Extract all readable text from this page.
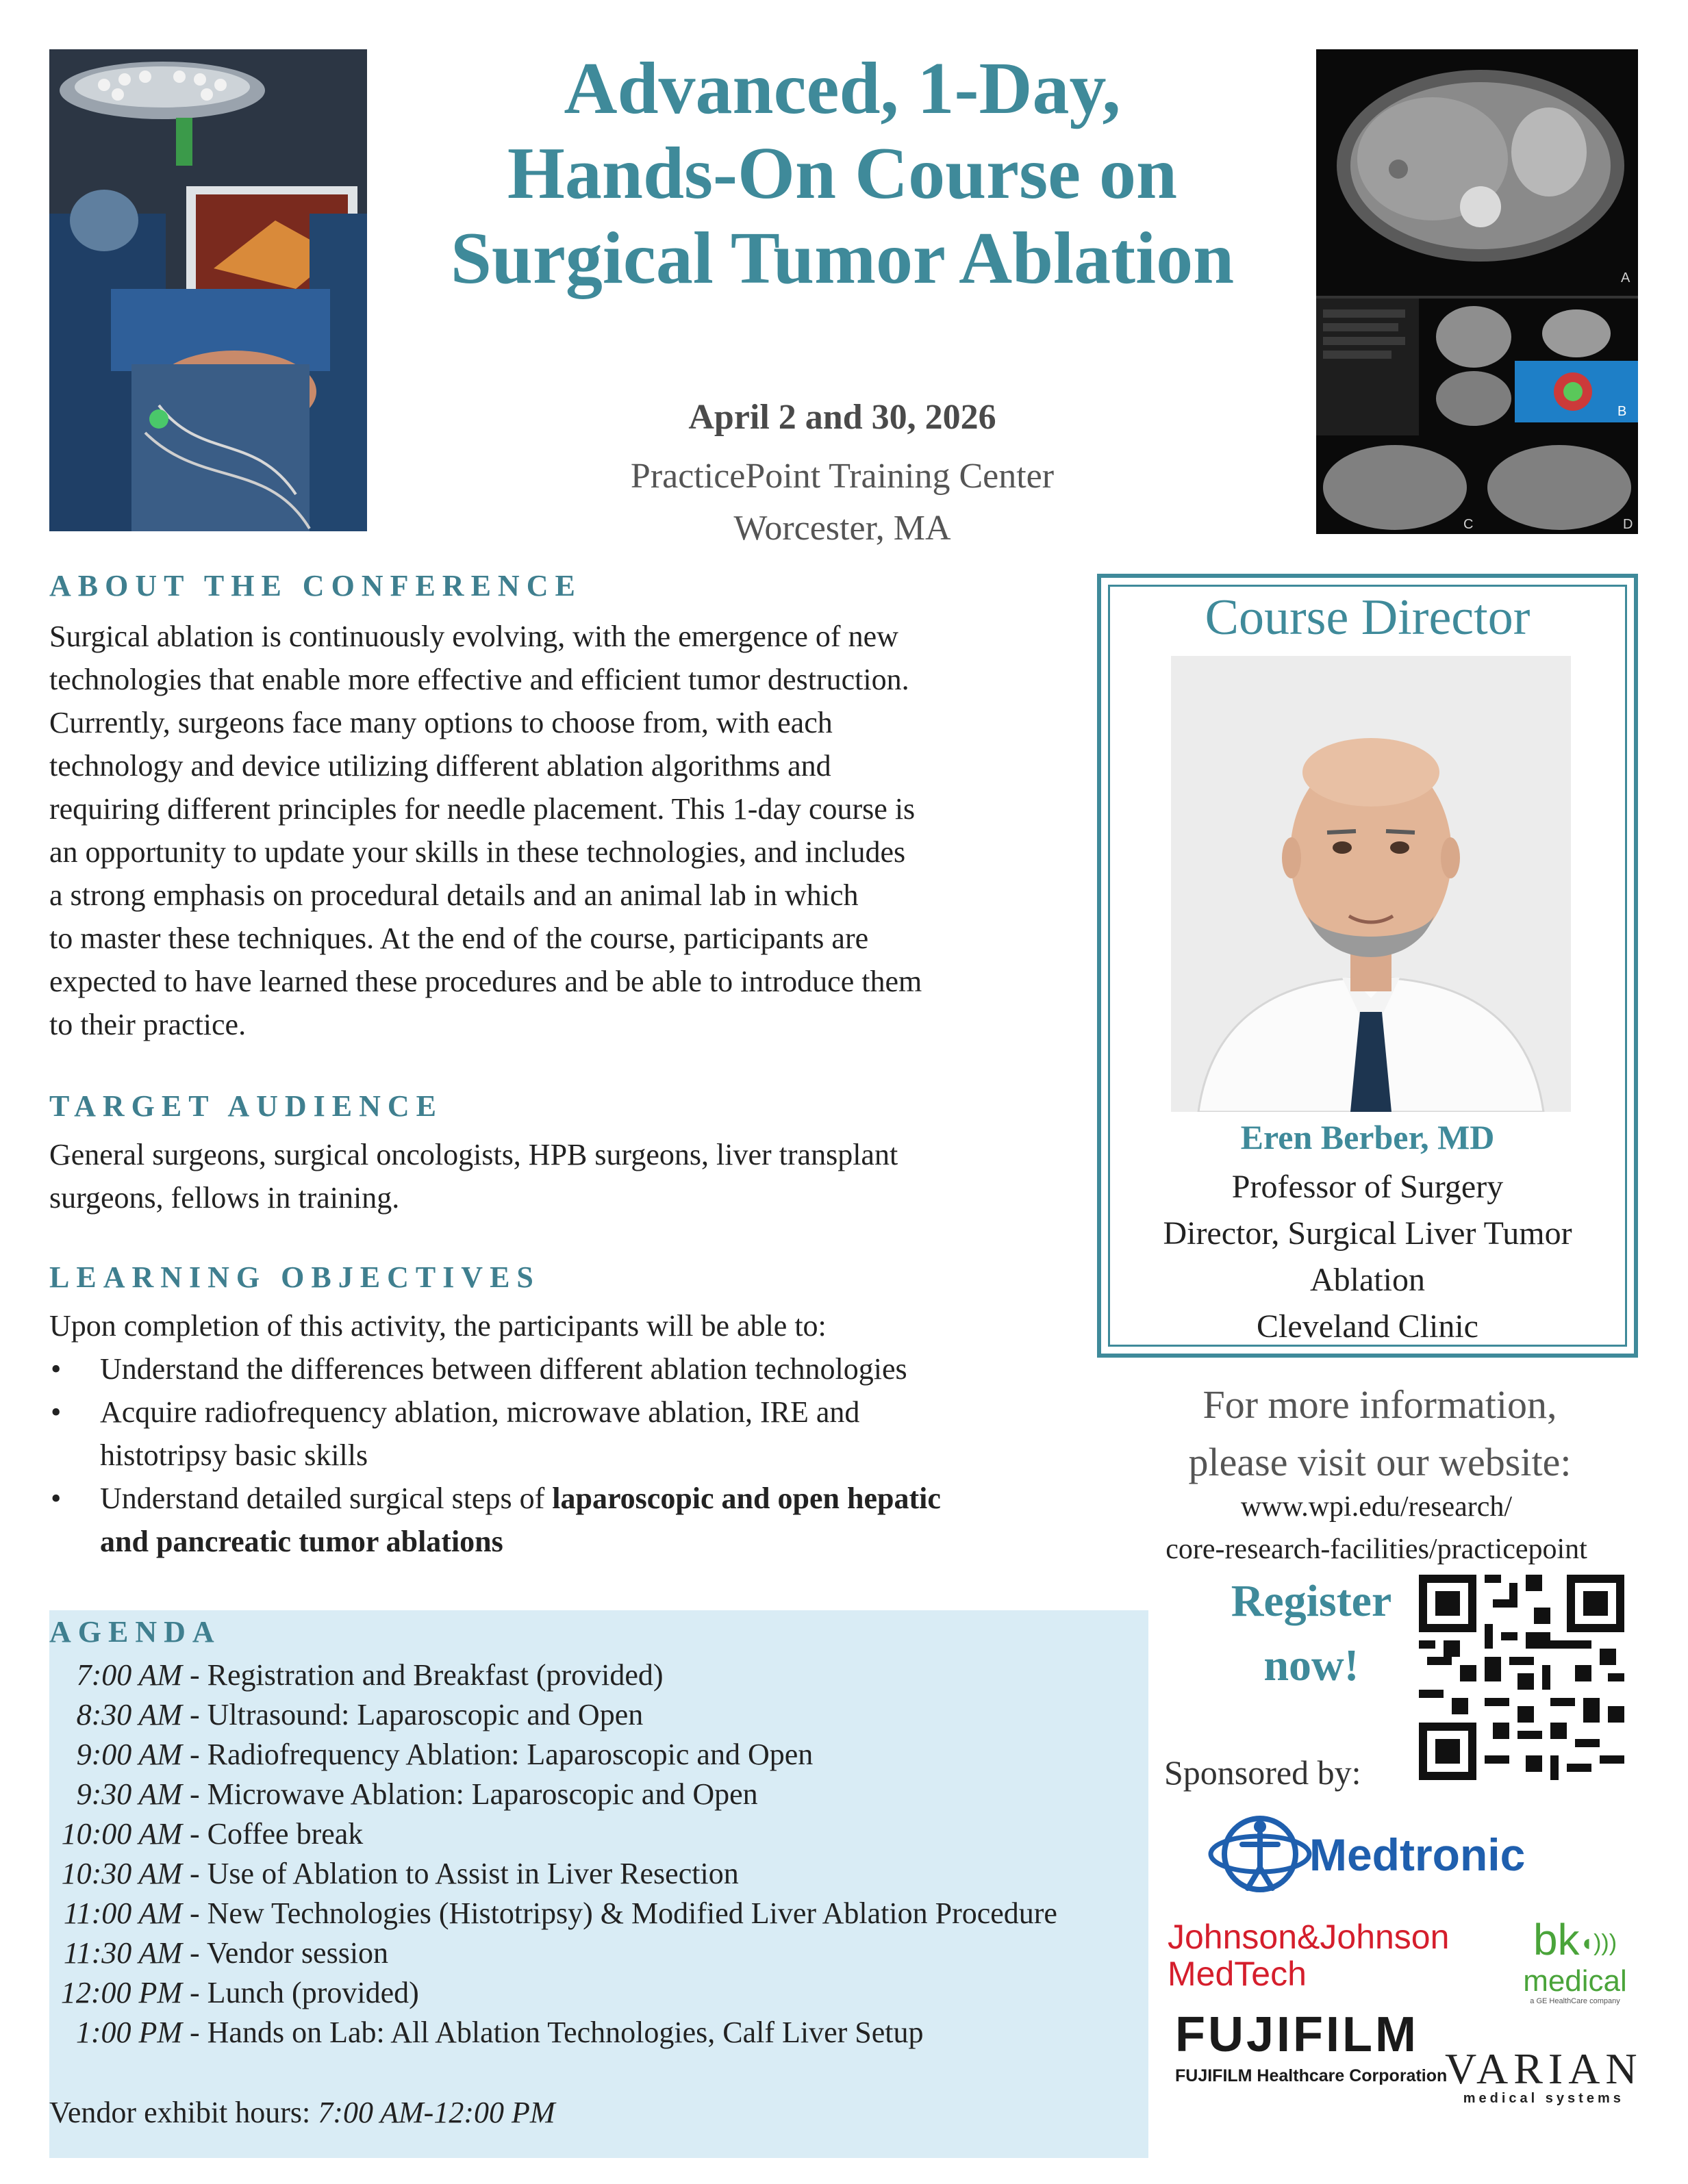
A
B
C	D
Advanced, 1-Day,
Hands-On Course on
Surgical Tumor Ablation
April 2 and 30, 2026
PracticePoint Training Center
Worcester, MA
ABOUT THE CONFERENCE
Surgical ablation is continuously evolving, with the emergence of new
technologies that enable more effective and efficient tumor destruction.
Currently, surgeons face many options to choose from, with each
technology and device utilizing different ablation algorithms and
requiring different principles for needle placement. This 1-day course is
an opportunity to update your skills in these technologies, and includes
a strong emphasis on procedural details and an animal lab in which
to master these techniques. At the end of the course, participants are
expected to have learned these procedures and be able to introduce them
to their practice.
TARGET AUDIENCE
General surgeons, surgical oncologists, HPB surgeons, liver transplant
surgeons, fellows in training.
LEARNING OBJECTIVES
Upon completion of this activity, the participants will be able to:
• Understand the differences between different ablation technologies
• Acquire radiofrequency ablation, microwave ablation, IRE and
histotripsy basic skills
• Understand detailed surgical steps of laparoscopic and open hepatic
and pancreatic tumor ablations
Course Director
Eren Berber, MD
Professor of Surgery
Director, Surgical Liver Tumor
Ablation
Cleveland Clinic
For more information,
please visit our website:
www.wpi.edu/research/
core-research-facilities/practicepoint
Register
now!
AGENDA
7:00 AM - Registration and Breakfast (provided)
8:30 AM - Ultrasound: Laparoscopic and Open
9:00 AM - Radiofrequency Ablation: Laparoscopic and Open
9:30 AM - Microwave Ablation: Laparoscopic and Open
10:00 AM - Coffee break
10:30 AM - Use of Ablation to Assist in Liver Resection
11:00 AM - New Technologies (Histotripsy) & Modified Liver Ablation Procedure
11:30 AM - Vendor session
12:00 PM - Lunch (provided)
1:00 PM - Hands on Lab: All Ablation Technologies, Calf Liver Setup
Vendor exhibit hours: 7:00 AM-12:00 PM
Sponsored by:
Medtronic
Johnson&Johnson
MedTech
bk◖)))
medical
a GE HealthCare company
FUJIFILM
FUJIFILM Healthcare Corporation
VARIAN
medical systems
